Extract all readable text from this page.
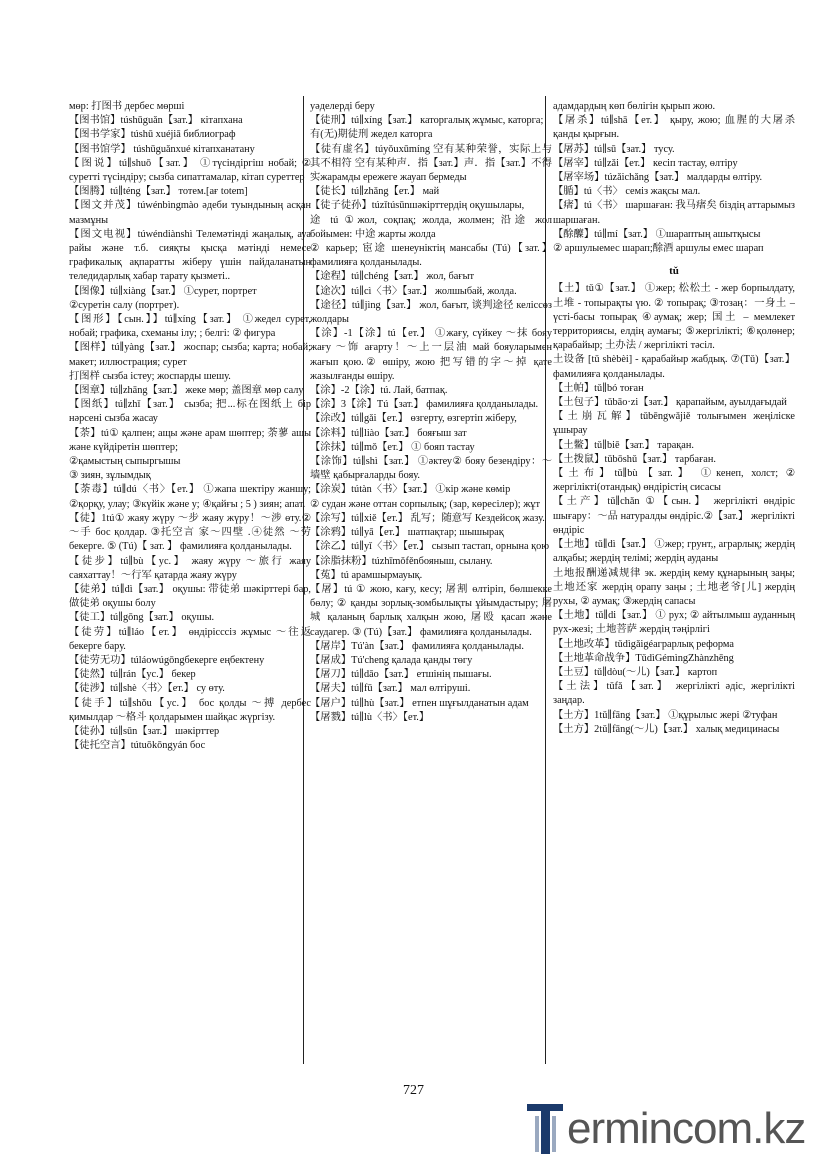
мөр: 打图书 дербес мөрші

【图书馆】túshūguǎn【зат.】 кітапхана

【图书学家】túshū xuéjiā библиограф

【图书馆学】 túshūguǎnxué кітапханатану

【图说】tú∥shuō【зат.】 ①түсіндіргіш нобай; ② суретті түсіндіру; сызба сипаттамалар, кітап суреттер

【图腾】tú∥téng【зат.】 тотем.[ағ totem]

【图文并茂】túwénbìngmào әдеби туындының асқан мазмұны

【图文电视】túwéndiànshì Телемәтінді жаңалық, ауа райы және т.б. сияқты қысқа мәтінді немесе графикалық ақпаратты жіберу үшін пайдаланатын теледидарлық хабар тарату қызметі..

【图像】tú∥xiàng【зат.】 ①сурет, портрет

②суретін салу (портрет).

【图形】【сын.】】tú∥xíng【зат.】 ①жедел сурет, нобай; графика, схеманы ілу; ; белгі: ② фигура

【图样】tú∥yàng【зат.】 жоспар; сызба; карта; нобай; макет; иллюстрация; сурет

打图样 сызба істеу; жоспарды шешу.

【图章】tú∥zhāng【зат.】 жеке мөр; 盖图章 мөр салу

【图纸】tú∥zhǐ【зат.】 сызба; 把...标在图纸上 бір нәрсені сызба жасау

【荼】tú① қалпен; ащы және арам шөптер; 荼蓼 ащы және күйдіретін шөптер;

②қамыстың сыпыргышы

③ зиян, зұлымдық

【荼毒】tú∥dú〈书〉【ет.】 ①жапа шектіру жаншу; ②қорқу, улау; ③күйік және у; ④қайғы ; 5 ) зиян; апат.

【徒】1tú① жаяу жүру ～步 жаяу жүру！～涉 өту.② ～手 бос қолдар. ③托空言 家～四壁 .④徒然 ～劳 бекерге. ⑤ (Tú)【 зат. 】 фамилияға қолданылады.

【徒步】tú∥bù【ус.】 жаяу жүру ～旅行 жаяу саяхаттау！～行军 қатарда жаяу жүру

【徒弟】tú∥dì【зат.】 оқушы: 带徒弟 шәкірттері бар, 做徒弟 оқушы болу

【徒工】tú∥gōng【зат.】 оқушы.

【徒劳】tú∥láo【ет.】 өндірісссіз жұмыс ～往返 бекерге бару.

【徒劳无功】túláowúgōngбекерге еңбектену

【徒然】tú∥rán【ус.】 бекер

【徒涉】tú∥shè〈书〉【ет.】 су өту.

【徒手】tú∥shǒu【ус.】 бос қолды ～搏 дербес қимылдар ～格斗 қолдарымен шайқас жүргізу.

【徒孙】tú∥sūn【зат.】 шәкірттер

【徒托空言】tútuōkōngyán бос

уәделерді беру

【徒刑】tú∥xíng【зат.】 каторгалық жұмыс, каторга;

有(无)期徒刑 жедел каторга

【徒有虚名】túyǒuxūmíng 空有某种荣誉，实际上与其不相符 空有某种声．指【зат.】声．指【зат.】不得实жарамды ережеге жауап бермеды

【徒长】tú∥zhǎng【ет.】 май

【徒子徒孙】túzǐtúsūnшәкірттердің оқушылары,

途 tú ①жол, соқпақ; жолда, жолмен; 沿途 жол бойымен: 中途 жарты жолда

② карьер; 宦途 шенеуніктің мансабы (Tú)【зат.】фамилияға қолданылады.

【途程】tú∥chéng【зат.】 жол, бағыт

【途次】tú∥cì〈书〉【зат.】 жолшыбай, жолда.

【途径】tú∥jìng【зат.】 жол, бағыт, 谈判途径 келіссөз жолдары

【涂】-1【涂】tú【ет.】 ①жағу, сүйкеу ～抹 бояу жағу ～饰 ағарту！～上一层油 май бояуларымен жағып қою.② өшіру, жою 把写错的字～掉 қате жазылғанды өшіру.

【涂】-2【涂】tú. Лай, батпақ.

【涂】3【涂】Tú【зат.】 фамилияға қолданылады.

【涂改】tú∥gǎi【ет.】 өзгерту, өзгертіп жіберу,

【涂料】tú∥liào【зат.】 бояғыш зат

【涂抹】tú∥mǒ【ет.】 ① бояп тастау

【涂饰】tú∥shì【зат.】 ①әктеу② бояу безендіру：～墙壁 қабырғаларды бояу.

【涂炭】tútàn〈书〉【зат.】 ①кір және көмір

② судан және оттан сорпылық; (зар, көресілер); жұт

【涂写】tú∥xiě【ет.】 乱写；随意写 Кездейсоқ жазу.

【涂鸦】tú∥yā【ет.】 шатпақтар; шышырақ

【涂乙】tú∥yǐ〈书〉【ет.】 сызып тастап, орнына қою

【涂脂抹粉】túzhīmǒfěnбояныш, сылану.

【菟】tú арамшырмауық.

【屠】tú ① жою, кағу, кесу; 屠割 өлтіріп, бөлшекке бөлу; ② қанды зорлық-зомбылықты ұйымдастыру; 屠城 қаланың барлық халқын жою, 屠殴 қасап және саудагер. ③ (Tú)【зат.】 фамилияға қолданылады.

【屠岸】Tú'àn【зат.】 фамилияға қолданылады.

【屠成】Tú'cheng қалада қанды төгу

【屠刀】tú∥dāo【зат.】 етшінің пышағы.

【屠夫】tú∥fū【зат.】 мал өлтіруші.

【屠户】tú∥hù【зат.】 етпен шұғылданатын адам

【屠戮】tú∥lù〈书〉【ет.】

адамдардың көп бөлігін қырып жою.

【屠杀】tú∥shā【ет.】 қыру, жою; 血腥的大屠杀 қанды қырғын.

【屠苏】tú∥sū【зат.】 тусу.

【屠宰】tú∥zǎi【ет.】 кесіп тастау, өлтіру

【屠宰场】túzǎichǎng【зат.】 малдарды өлтіру.

【腯】tú〈书〉 семіз жақсы мал.

【瘏】tú〈书〉 шаршаған: 我马瘏矣 біздің аттарымыз шаршаған.

【酴醾】tú∥mí【зат.】 ①шараптың ашытқысы

② аршулыемес шарап;酴酒 аршулы емес шарап

tǔ

【土】tǔ①【зат.】 ①жер; 松松土 - жер борпылдату, 土堆 - топырақты үю. ② топырақ; ③тозаң：一身土 – үсті-басы топырақ ④аумақ; жер; 国土 – мемлекет территориясы, елдің аумағы; ⑤жергілікті; ⑥қолөнер; қарабайыр; 土办法 / жергілікті тәсіл.

土设备 [tǔ shèbèi] - қарабайыр жабдық. ⑦(Tǔ)【зат.】 фамилияға қолданылады.

【土帕】tǔ∥bó тоған

【土包子】tǔbāo·zi【зат.】 қарапайым, ауылдағыдай

【土崩瓦解】tǔbēngwǎjiě толығымен жеңіліске ұшырау

【土鳖】tǔ∥biē【зат.】 тарақан.

【土拨鼠】tǔbōshǔ【зат.】 тарбаған.

【土布】tǔ∥bù【зат.】 ①кенеп, холст; ② жергілікті(отандық) өндірістің сисасы

【土产】tǔ∥chǎn ①【сын.】 жергілікті өндіріс шығару：～品 натуралды өндіріс.②【зат.】 жергілікті өндіріс

【土地】tǔ∥dì【зат.】 ①жер; грунт,, аграрлық; жердің алқабы; жердің телімі; жердің ауданы

土地报酬递减规律 эк. жердің кему құнарының заңы; 土地还家 жердің орапу заңы ; 土地老爷[儿] жердің рухы, ② аумақ; ③жердің сапасы

【土地】tǔ∥di【зат.】 ① рух; ② айтылмыш ауданның рух-жезі; 土地菩萨 жердің тәңірлігі

【土地改革】tǔdìgǎigéаграрлық реформа

【土地革命战争】TǔdìGémìngZhànzhēng

【土豆】tǔ∥dòu(～儿)【зат.】 картоп

【土法】tǔfǎ【зат.】 жергілікті әдіс, жергілікті заңдар.

【土方】1tǔ∥fāng【зат.】 ①құрылыс жері ②туфан

【土方】2tǔ∥fāng(～儿)【зат.】 халық медицинасы

727
ermincom.kz
